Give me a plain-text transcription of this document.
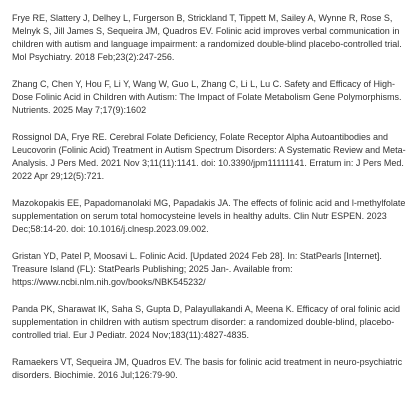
Frye RE, Slattery J, Delhey L, Furgerson B, Strickland T, Tippett M, Sailey A, Wynne R, Rose S, Melnyk S, Jill James S, Sequeira JM, Quadros EV. Folinic acid improves verbal communication in children with autism and language impairment: a randomized double-blind placebo-controlled trial. Mol Psychiatry. 2018 Feb;23(2):247-256.

Zhang C, Chen Y, Hou F, Li Y, Wang W, Guo L, Zhang C, Li L, Lu C. Safety and Efficacy of High-Dose Folinic Acid in Children with Autism: The Impact of Folate Metabolism Gene Polymorphisms. Nutrients. 2025 May 7;17(9):1602

Rossignol DA, Frye RE. Cerebral Folate Deficiency, Folate Receptor Alpha Autoantibodies and Leucovorin (Folinic Acid) Treatment in Autism Spectrum Disorders: A Systematic Review and Meta-Analysis. J Pers Med. 2021 Nov 3;11(11):1141. doi: 10.3390/jpm11111141. Erratum in: J Pers Med. 2022 Apr 29;12(5):721.

Mazokopakis EE, Papadomanolaki MG, Papadakis JA. The effects of folinic acid and l-methylfolate supplementation on serum total homocysteine levels in healthy adults. Clin Nutr ESPEN. 2023 Dec;58:14-20. doi: 10.1016/j.clnesp.2023.09.002.

Gristan YD, Patel P, Moosavi L. Folinic Acid. [Updated 2024 Feb 28]. In: StatPearls [Internet]. Treasure Island (FL): StatPearls Publishing; 2025 Jan-. Available from: https://www.ncbi.nlm.nih.gov/books/NBK545232/

Panda PK, Sharawat IK, Saha S, Gupta D, Palayullakandi A, Meena K. Efficacy of oral folinic acid supplementation in children with autism spectrum disorder: a randomized double-blind, placebo-controlled trial. Eur J Pediatr. 2024 Nov;183(11):4827-4835.

Ramaekers VT, Sequeira JM, Quadros EV. The basis for folinic acid treatment in neuro-psychiatric disorders. Biochimie. 2016 Jul;126:79-90.
